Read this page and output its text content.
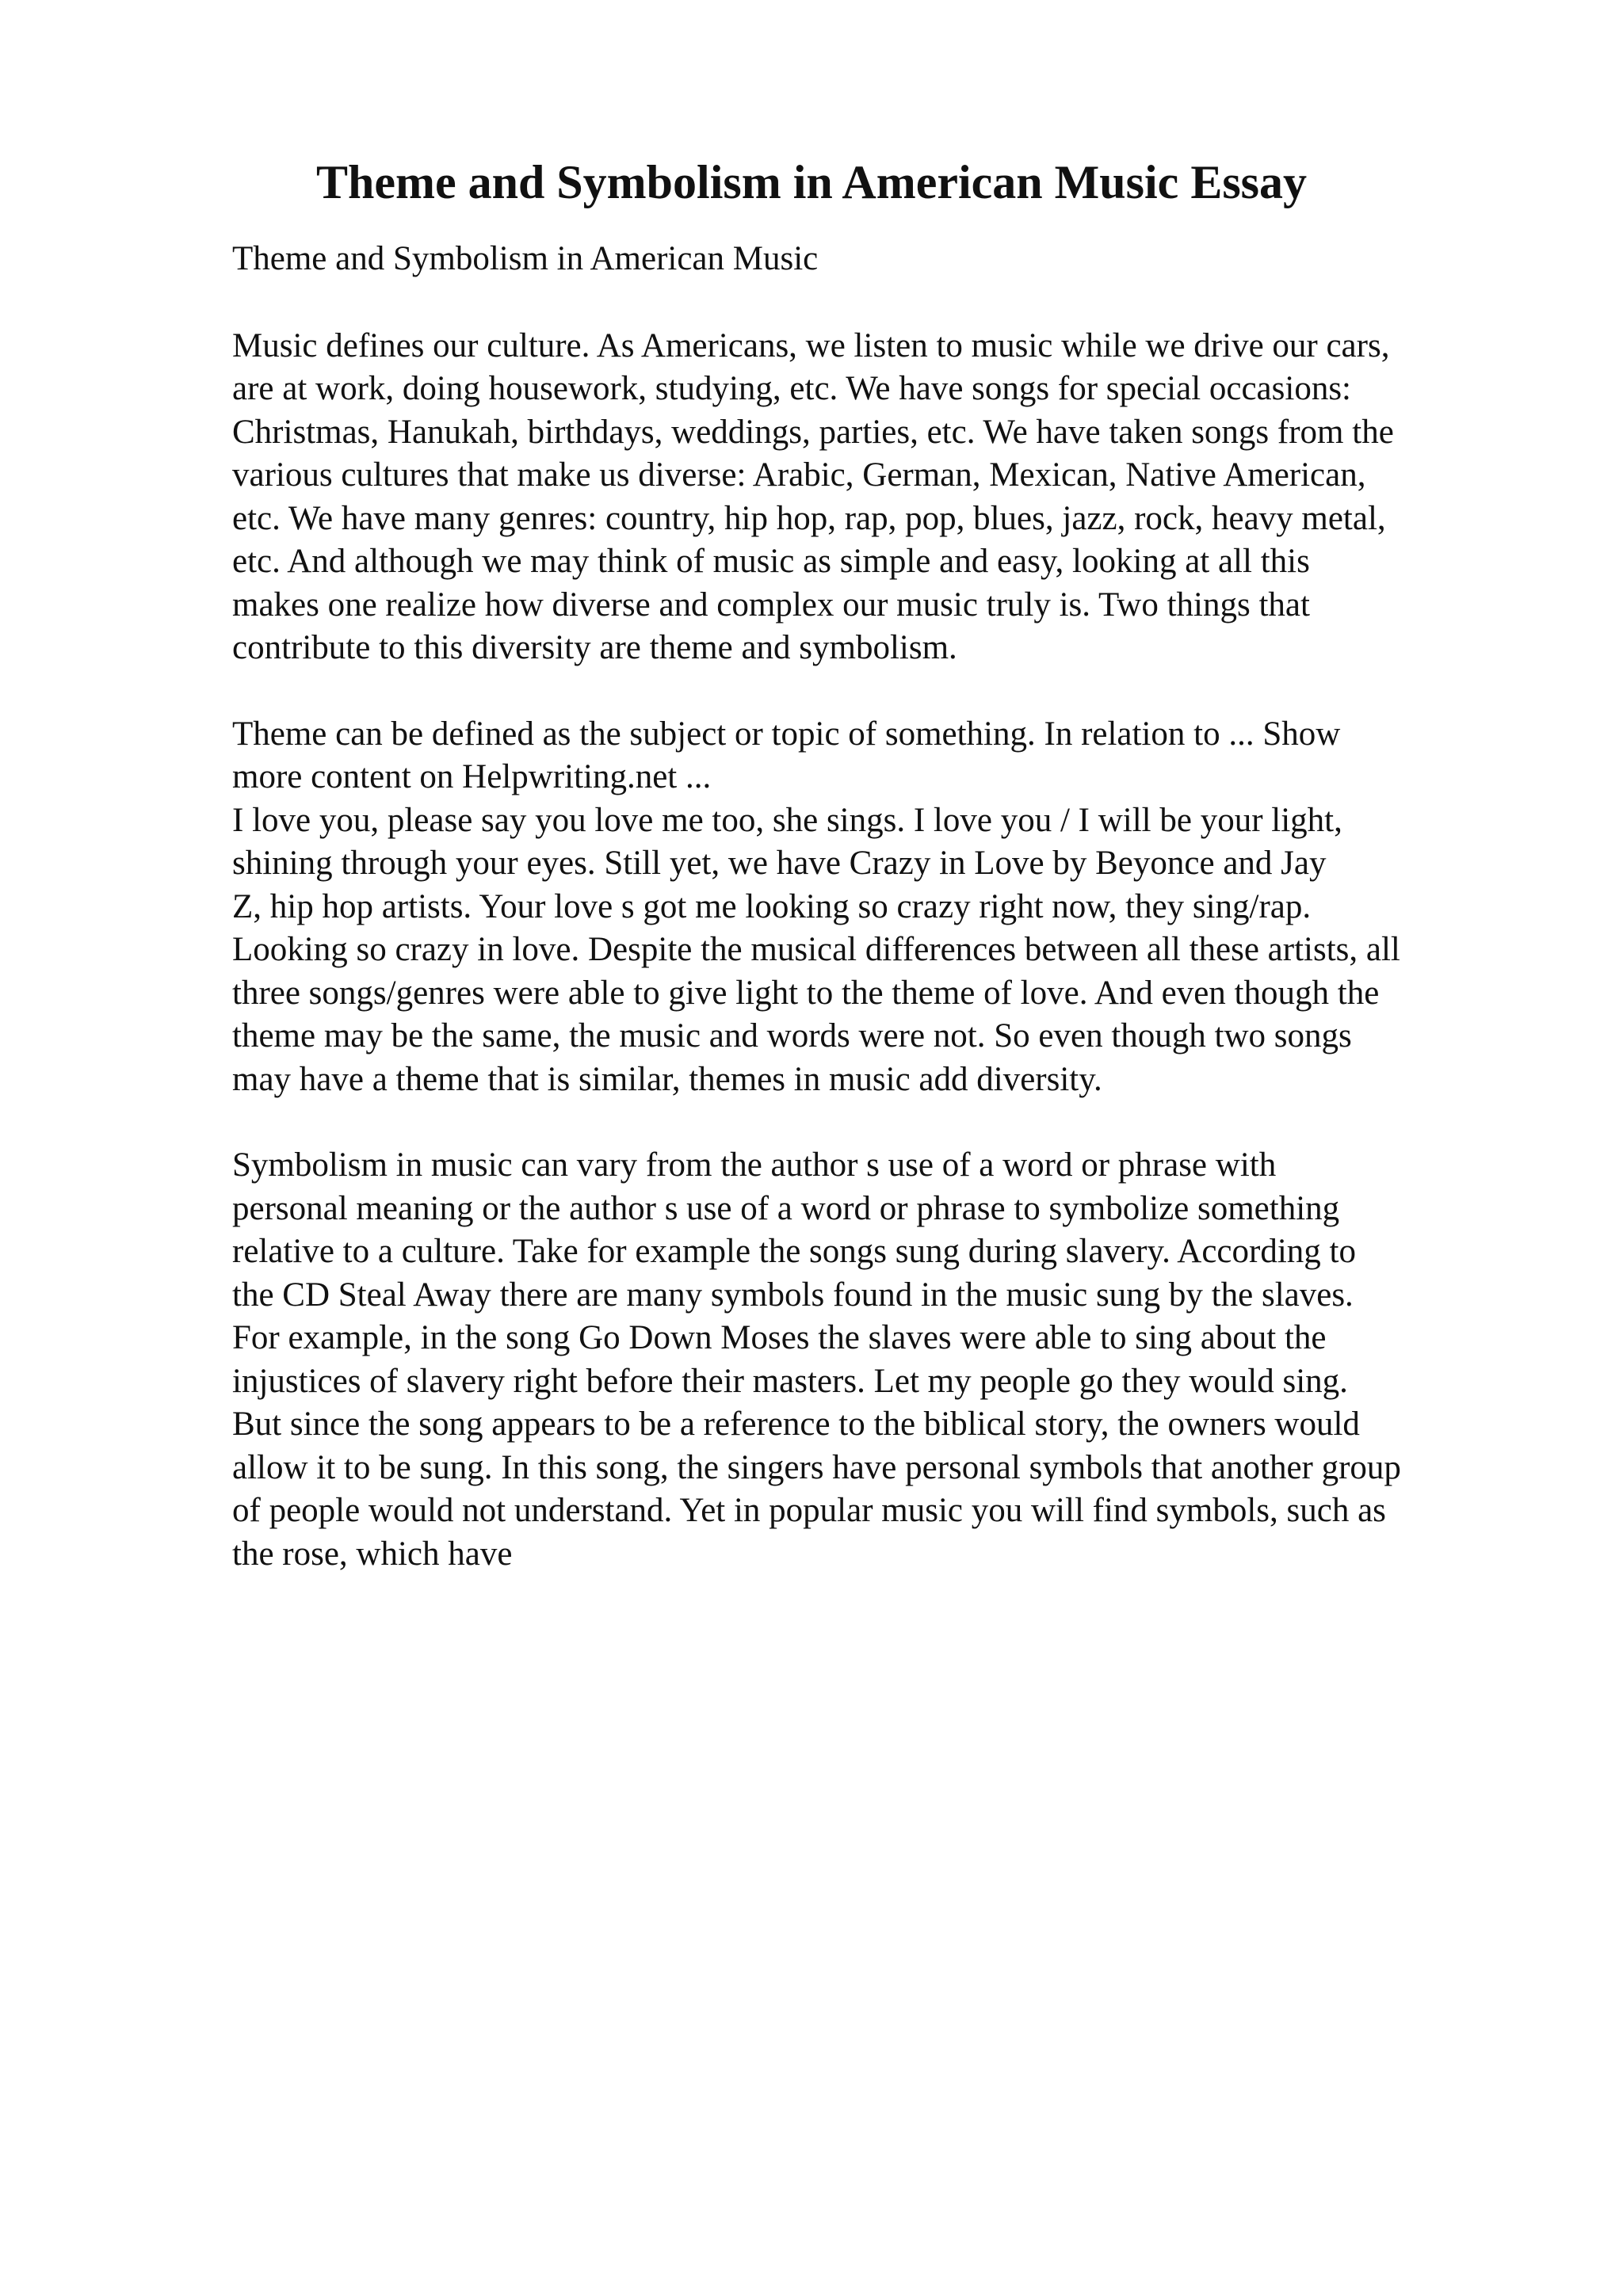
Theme and Symbolism in American Music Essay
Theme and Symbolism in American Music
Music defines our culture. As Americans, we listen to music while we drive our cars,
are at work, doing housework, studying, etc. We have songs for special occasions:
Christmas, Hanukah, birthdays, weddings, parties, etc. We have taken songs from the
various cultures that make us diverse: Arabic, German, Mexican, Native American,
etc. We have many genres: country, hip hop, rap, pop, blues, jazz, rock, heavy metal,
etc. And although we may think of music as simple and easy, looking at all this
makes one realize how diverse and complex our music truly is. Two things that
contribute to this diversity are theme and symbolism.
Theme can be defined as the subject or topic of something. In relation to ... Show
more content on Helpwriting.net ...
I love you, please say you love me too, she sings. I love you / I will be your light,
shining through your eyes. Still yet, we have Crazy in Love by Beyonce and Jay
Z, hip hop artists. Your love s got me looking so crazy right now, they sing/rap.
Looking so crazy in love. Despite the musical differences between all these artists, all
three songs/genres were able to give light to the theme of love. And even though the
theme may be the same, the music and words were not. So even though two songs
may have a theme that is similar, themes in music add diversity.
Symbolism in music can vary from the author s use of a word or phrase with
personal meaning or the author s use of a word or phrase to symbolize something
relative to a culture. Take for example the songs sung during slavery. According to
the CD Steal Away there are many symbols found in the music sung by the slaves.
For example, in the song Go Down Moses the slaves were able to sing about the
injustices of slavery right before their masters. Let my people go they would sing.
But since the song appears to be a reference to the biblical story, the owners would
allow it to be sung. In this song, the singers have personal symbols that another group
of people would not understand. Yet in popular music you will find symbols, such as
the rose, which have
